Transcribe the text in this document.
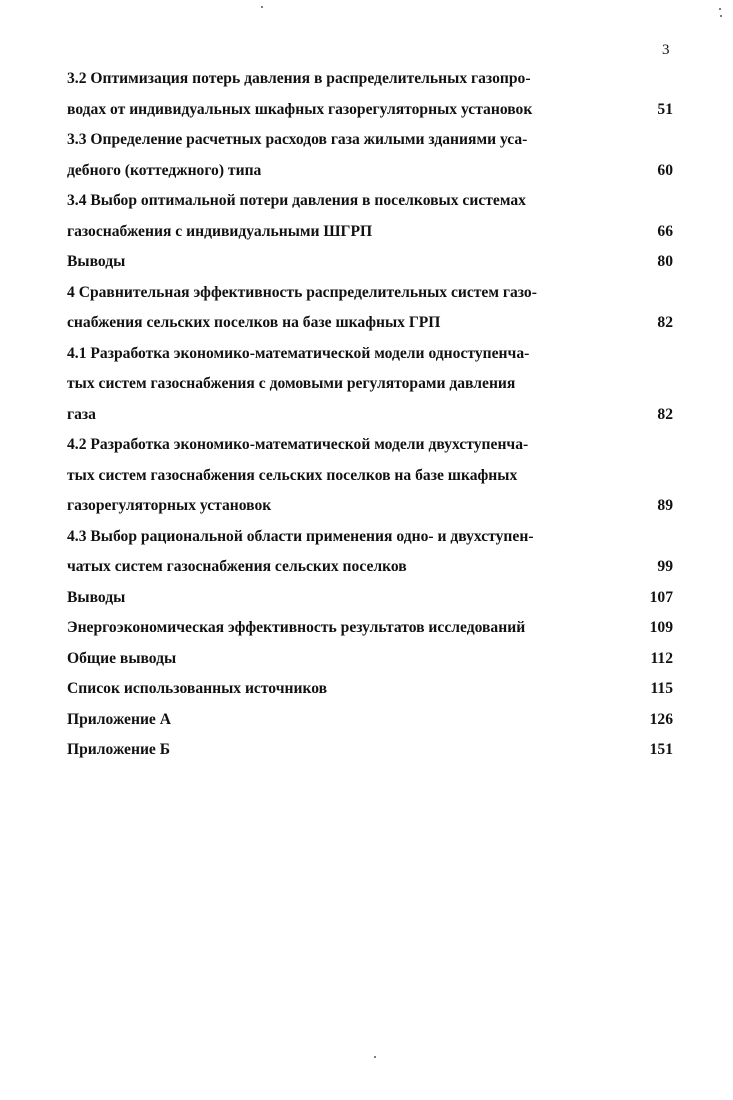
3
3.2 Оптимизация потерь давления в распределительных газопро-
водах от индивидуальных шкафных газорегуляторных установок	51
3.3 Определение расчетных расходов газа жилыми зданиями уса-
дебного (коттеджного) типа	60
3.4 Выбор оптимальной потери давления в поселковых системах
газоснабжения с индивидуальными ШГРП	66
Выводы	80
4 Сравнительная эффективность распределительных систем газо-
снабжения сельских поселков на базе шкафных ГРП	82
4.1 Разработка экономико-математической модели одноступенча-
тых систем газоснабжения с домовыми регуляторами давления
газа	82
4.2 Разработка экономико-математической модели двухступенча-
тых систем газоснабжения сельских поселков на базе шкафных
газорегуляторных установок	89
4.3 Выбор рациональной области применения одно- и двухступен-
чатых систем газоснабжения сельских поселков	99
Выводы	107
Энергоэкономическая эффективность результатов исследований	109
Общие выводы	112
Список использованных источников	115
Приложение А	126
Приложение Б	151
